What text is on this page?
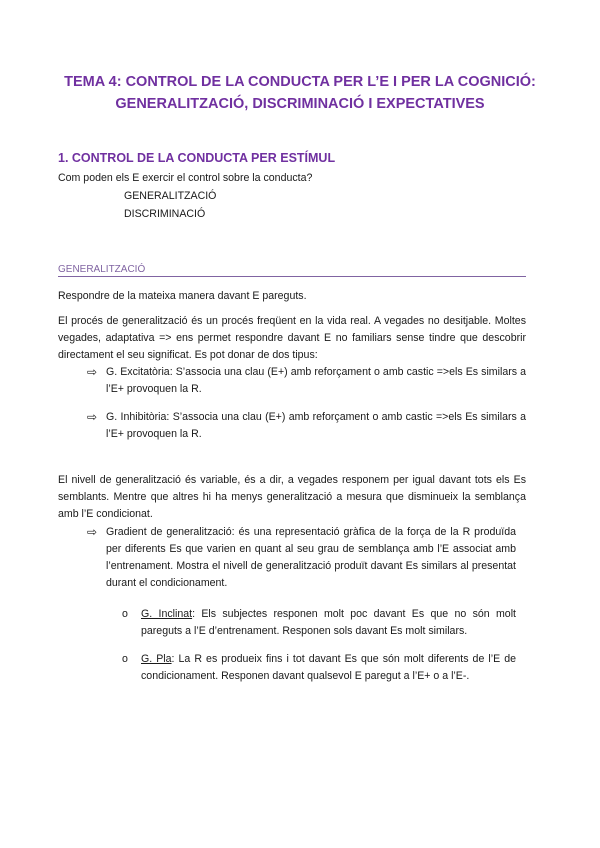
TEMA 4: CONTROL DE LA CONDUCTA PER L’E I PER LA COGNICIÓ:
GENERALITZACIÓ, DISCRIMINACIÓ I EXPECTATIVES
1. CONTROL DE LA CONDUCTA PER ESTÍMUL
Com poden els E exercir el control sobre la conducta?
GENERALITZACIÓ
DISCRIMINACIÓ
GENERALITZACIÓ
Respondre de la mateixa manera davant E pareguts.
El procés de generalització és un procés freqüent en la vida real. A vegades no desitjable. Moltes vegades, adaptativa => ens permet respondre davant E no familiars sense tindre que descobrir directament el seu significat. Es pot donar de dos tipus:
⇨ G. Excitatòria: S’associa una clau (E+) amb reforçament o amb castic =>els Es similars a l’E+ provoquen la R.
⇨ G. Inhibitòria: S’associa una clau (E+) amb reforçament o amb castic =>els Es similars a l’E+ provoquen la R.
El nivell de generalització és variable, és a dir, a vegades responem per igual davant tots els Es semblants. Mentre que altres hi ha menys generalització a mesura que disminueix la semblança amb l’E condicionat.
⇨ Gradient de generalització: és una representació gràfica de la força de la R produïda per diferents Es que varien en quant al seu grau de semblança amb l’E associat amb l’entrenament. Mostra el nivell de generalització produït davant Es similars al presentat durant el condicionament.
o G. Inclinat: Els subjectes responen molt poc davant Es que no són molt pareguts a l’E d’entrenament. Responen sols davant Es molt similars.
o G. Pla: La R es produeix fins i tot davant Es que són molt diferents de l’E de condicionament. Responen davant qualsevol E paregut a l’E+ o a l’E-.
